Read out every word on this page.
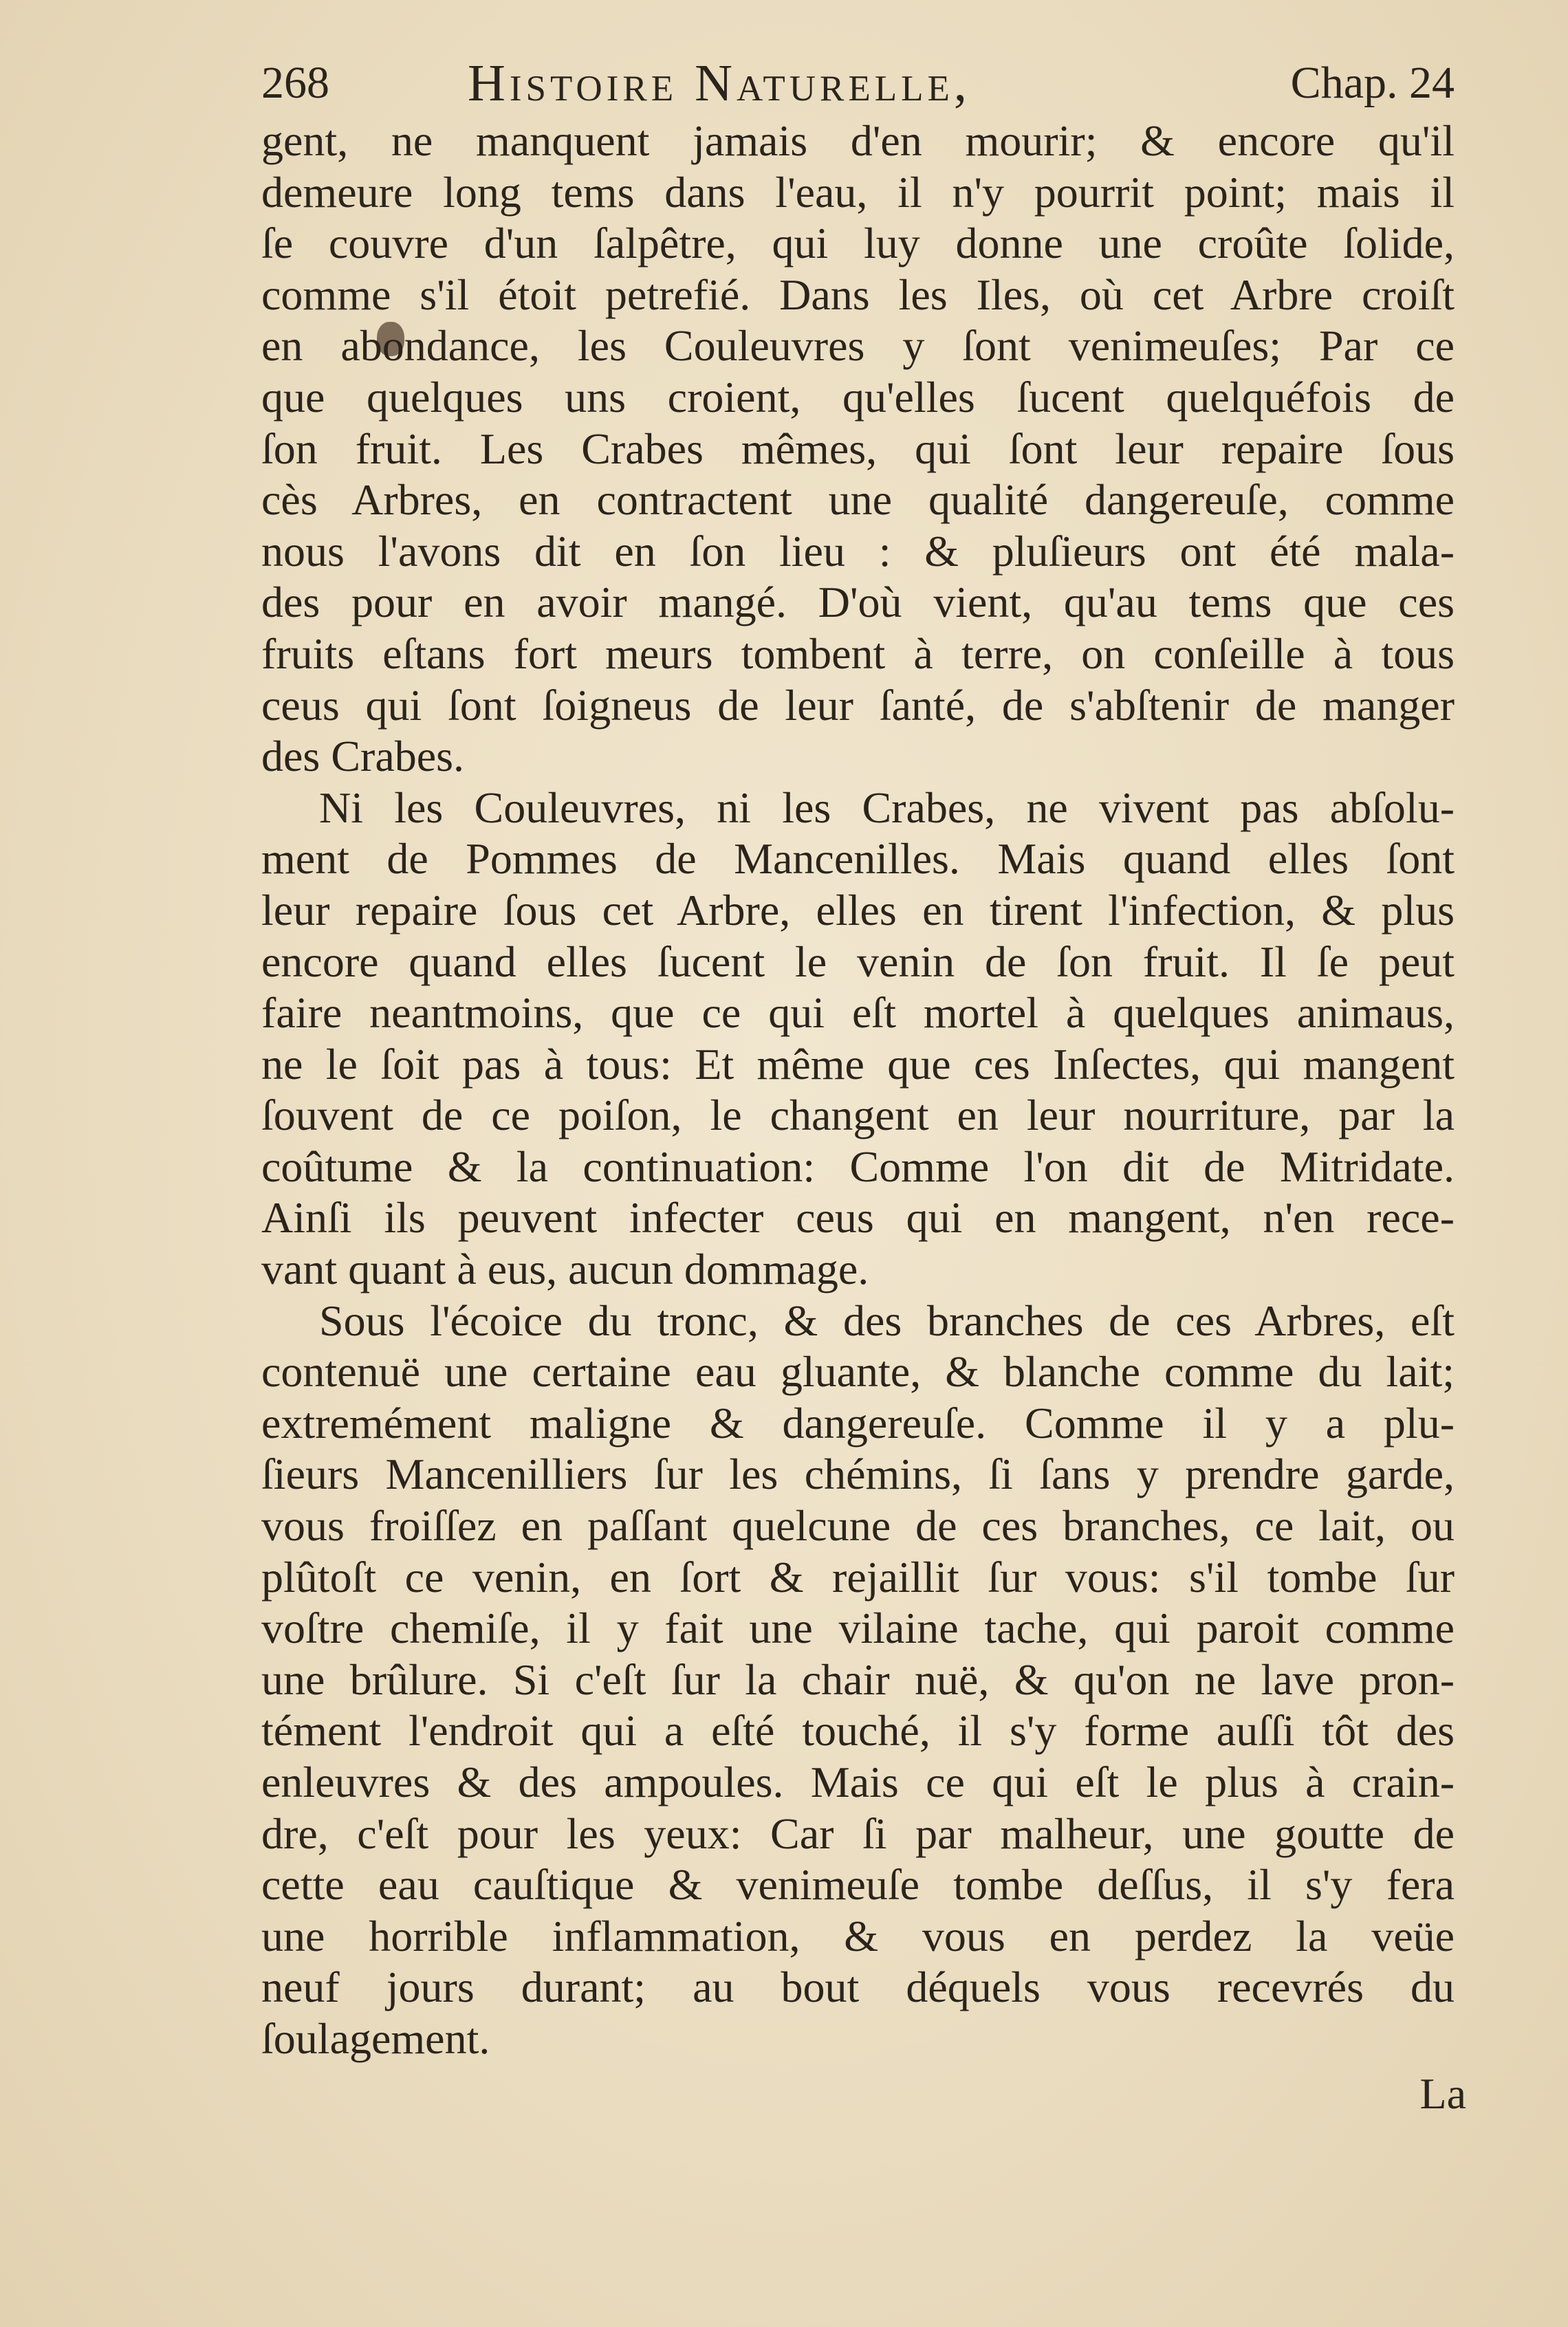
268	Histoire Naturelle,	Chap. 24
gent, ne manquent jamais d'en mourir; & encore qu'il
demeure long tems dans l'eau, il n'y pourrit point; mais il
ſe couvre d'un ſalpêtre, qui luy donne une croûte ſolide,
comme s'il étoit petrefié. Dans les Iles, où cet Arbre croiſt
en abondance, les Couleuvres y ſont venimeuſes; Par ce
que quelques uns croient, qu'elles ſucent quelquéfois de
ſon fruit. Les Crabes mêmes, qui ſont leur repaire ſous
cès Arbres, en contractent une qualité dangereuſe, comme
nous l'avons dit en ſon lieu : & pluſieurs ont été mala-
des pour en avoir mangé. D'où vient, qu'au tems que ces
fruits eſtans fort meurs tombent à terre, on conſeille à tous
ceus qui ſont ſoigneus de leur ſanté, de s'abſtenir de manger
des Crabes.
Ni les Couleuvres, ni les Crabes, ne vivent pas abſolu-
ment de Pommes de Mancenilles. Mais quand elles ſont
leur repaire ſous cet Arbre, elles en tirent l'infection, & plus
encore quand elles ſucent le venin de ſon fruit. Il ſe peut
faire neantmoins, que ce qui eſt mortel à quelques animaus,
ne le ſoit pas à tous: Et même que ces Inſectes, qui mangent
ſouvent de ce poiſon, le changent en leur nourriture, par la
coûtume & la continuation: Comme l'on dit de Mitridate.
Ainſi ils peuvent infecter ceus qui en mangent, n'en rece-
vant quant à eus, aucun dommage.
Sous l'écoice du tronc, & des branches de ces Arbres, eſt
contenuë une certaine eau gluante, & blanche comme du lait;
extremément maligne & dangereuſe. Comme il y a plu-
ſieurs Mancenilliers ſur les chémins, ſi ſans y prendre garde,
vous froiſſez en paſſant quelcune de ces branches, ce lait, ou
plûtoſt ce venin, en ſort & rejaillit ſur vous: s'il tombe ſur
voſtre chemiſe, il y fait une vilaine tache, qui paroit comme
une brûlure. Si c'eſt ſur la chair nuë, & qu'on ne lave pron-
tément l'endroit qui a eſté touché, il s'y forme auſſi tôt des
enleuvres & des ampoules. Mais ce qui eſt le plus à crain-
dre, c'eſt pour les yeux: Car ſi par malheur, une goutte de
cette eau cauſtique & venimeuſe tombe deſſus, il s'y fera
une horrible inflammation, & vous en perdez la veüe
neuf jours durant; au bout déquels vous recevrés du
ſoulagement.
La
